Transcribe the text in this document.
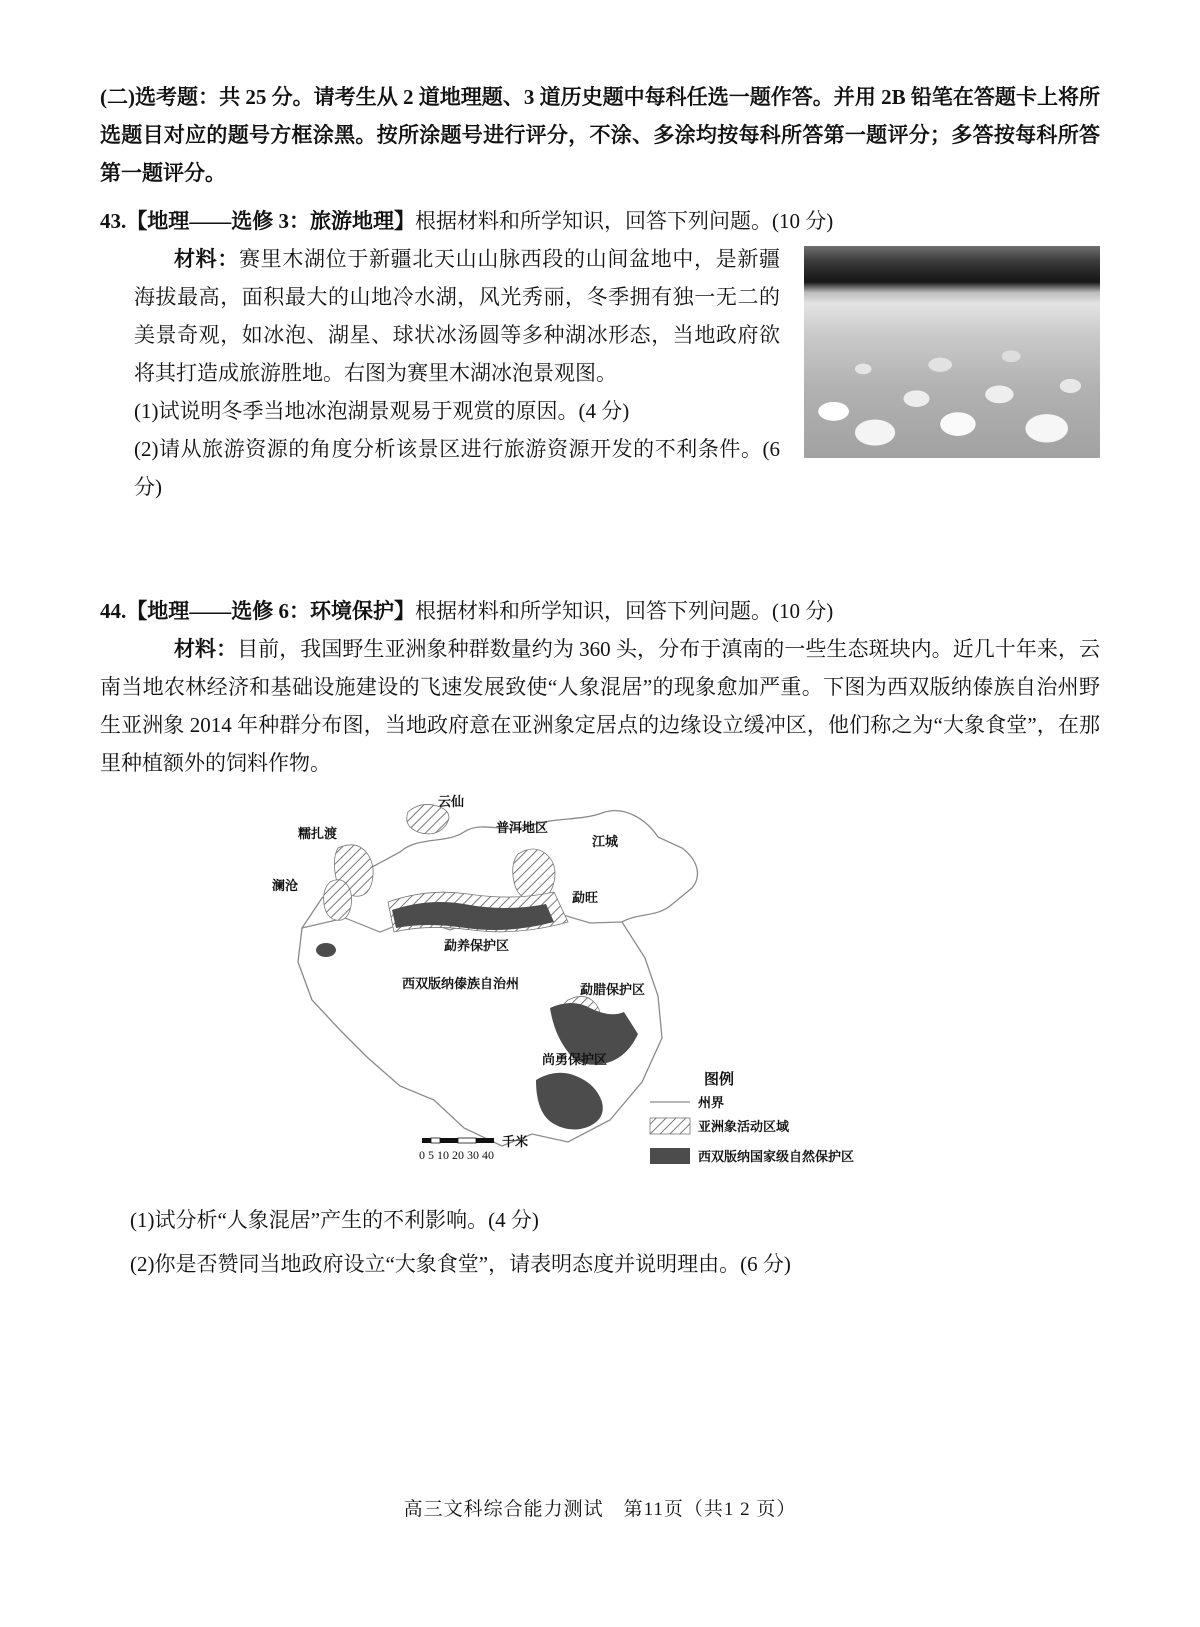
(二)选考题：共 25 分。请考生从 2 道地理题、3 道历史题中每科任选一题作答。并用 2B 铅笔在答题卡上将所选题目对应的题号方框涂黑。按所涂题号进行评分，不涂、多涂均按每科所答第一题评分；多答按每科所答第一题评分。

43.【地理——选修 3：旅游地理】根据材料和所学知识，回答下列问题。(10 分)

材料：赛里木湖位于新疆北天山山脉西段的山间盆地中，是新疆海拔最高，面积最大的山地冷水湖，风光秀丽，冬季拥有独一无二的美景奇观，如冰泡、湖星、球状冰汤圆等多种湖冰形态，当地政府欲将其打造成旅游胜地。右图为赛里木湖冰泡景观图。

(1)试说明冬季当地冰泡湖景观易于观赏的原因。(4 分)

(2)请从旅游资源的角度分析该景区进行旅游资源开发的不利条件。(6 分)

44.【地理——选修 6：环境保护】根据材料和所学知识，回答下列问题。(10 分)

材料：目前，我国野生亚洲象种群数量约为 360 头，分布于滇南的一些生态斑块内。近几十年来，云南当地农林经济和基础设施建设的飞速发展致使“人象混居”的现象愈加严重。下图为西双版纳傣族自治州野生亚洲象 2014 年种群分布图，当地政府意在亚洲象定居点的边缘设立缓冲区，他们称之为“大象食堂”，在那里种植额外的饲料作物。

云仙
糯扎渡	普洱地区
江城
澜沧
勐旺
勐养保护区
西双版纳傣族自治州	勐腊保护区
尚勇保护区
0 5 10 20 30 40
千米
图例
州界
亚洲象活动区域
西双版纳国家级自然保护区

(1)试分析“人象混居”产生的不利影响。(4 分)

(2)你是否赞同当地政府设立“大象食堂”，请表明态度并说明理由。(6 分)

高三文科综合能力测试　第11页（共1 2 页）
